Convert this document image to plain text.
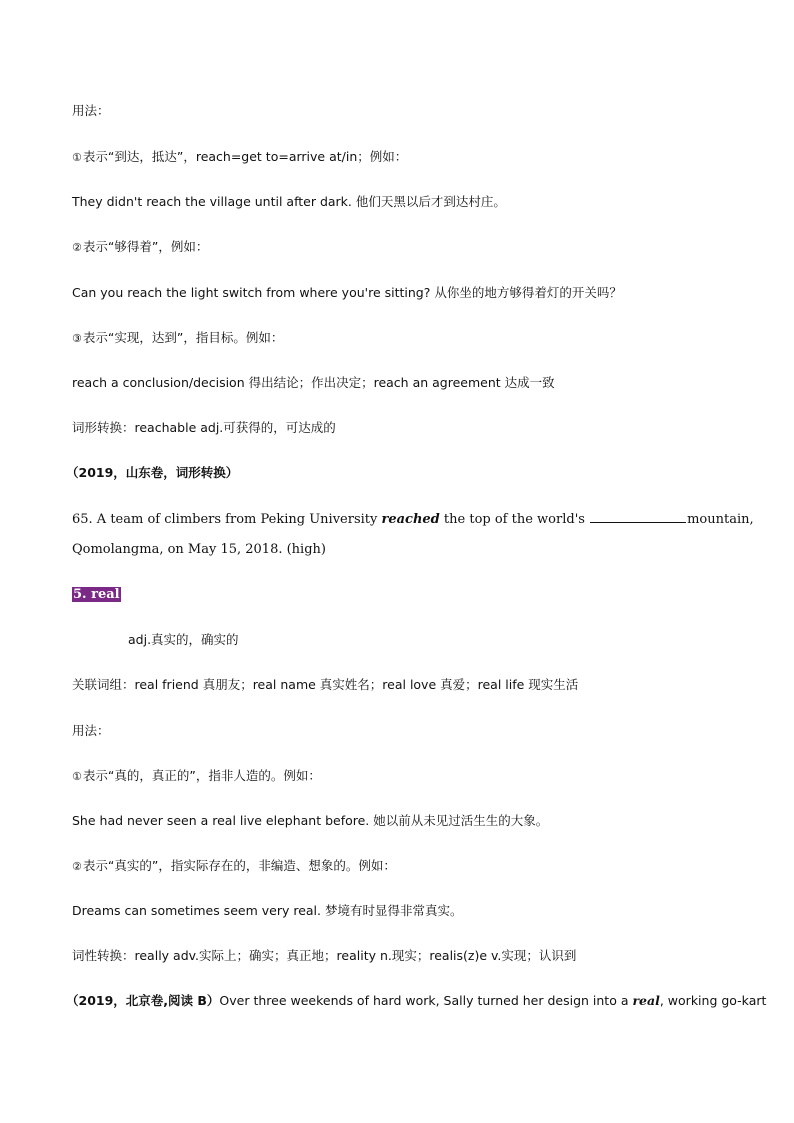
用法：
①表示“到达，抵达”，reach=get to=arrive at/in；例如：
They didn't reach the village until after dark. 他们天黑以后才到达村庄。
②表示“够得着”，例如：
Can you reach the light switch from where you're sitting? 从你坐的地方够得着灯的开关吗？
③表示“实现，达到”，指目标。例如：
reach a conclusion/decision 得出结论；作出决定；reach an agreement 达成一致
词形转换：reachable adj.可获得的，可达成的
（2019，山东卷，词形转换）
65. A team of climbers from Peking University reached the top of the world's	mountain,
Qomolangma, on May 15, 2018. (high)
5. real
adj.真实的，确实的
关联词组：real friend 真朋友；real name 真实姓名；real love 真爱；real life 现实生活
用法：
①表示“真的，真正的”，指非人造的。例如：
She had never seen a real live elephant before. 她以前从未见过活生生的大象。
②表示“真实的”，指实际存在的，非编造、想象的。例如：
Dreams can sometimes seem very real. 梦境有时显得非常真实。
词性转换：really adv.实际上；确实；真正地；reality n.现实；realis(z)e v.实现；认识到
（2019，北京卷,阅读 B）Over three weekends of hard work, Sally turned her design into a real, working go-kart
